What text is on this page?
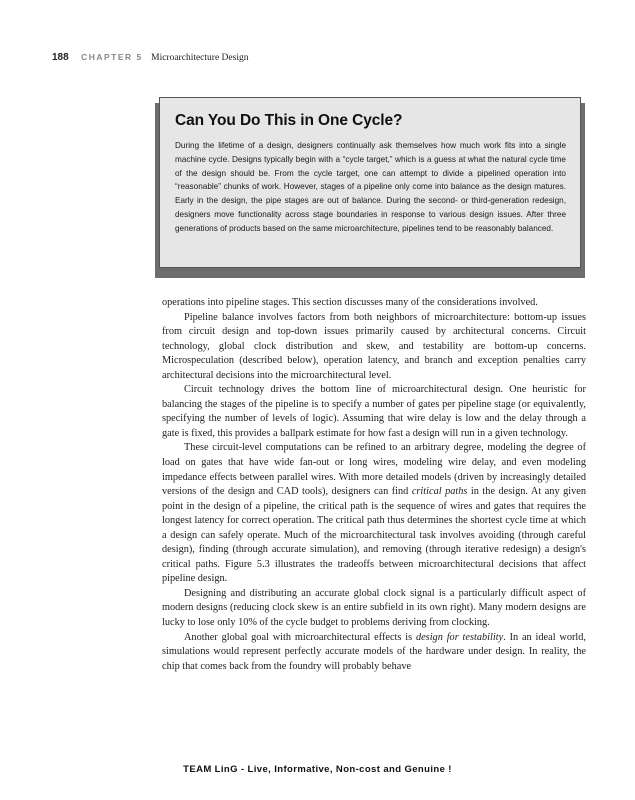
188 CHAPTER 5 Microarchitecture Design
Can You Do This in One Cycle?

During the lifetime of a design, designers continually ask themselves how much work fits into a single machine cycle. Designs typically begin with a “cycle target,” which is a guess at what the natural cycle time of the design should be. From the cycle target, one can attempt to divide a pipelined operation into “reasonable” chunks of work. However, stages of a pipeline only come into balance as the design matures. Early in the design, the pipe stages are out of balance. During the second- or third-generation redesign, designers move functionality across stage boundaries in response to various design issues. After three generations of products based on the same microarchitecture, pipelines tend to be reasonably balanced.

operations into pipeline stages. This section discusses many of the considerations involved.

Pipeline balance involves factors from both neighbors of microarchitecture: bottom-up issues from circuit design and top-down issues primarily caused by architectural concerns. Circuit technology, global clock distribution and skew, and testability are bottom-up concerns. Microspeculation (described below), operation latency, and branch and exception penalties carry architectural decisions into the microarchitectural level.

Circuit technology drives the bottom line of microarchitectural design. One heuristic for balancing the stages of the pipeline is to specify a number of gates per pipeline stage (or equivalently, specifying the number of levels of logic). Assuming that wire delay is low and the delay through a gate is fixed, this provides a ballpark estimate for how fast a design will run in a given technology.

These circuit-level computations can be refined to an arbitrary degree, modeling the degree of load on gates that have wide fan-out or long wires, modeling wire delay, and even modeling impedance effects between parallel wires. With more detailed models (driven by increasingly detailed versions of the design and CAD tools), designers can find critical paths in the design. At any given point in the design of a pipeline, the critical path is the sequence of wires and gates that requires the longest latency for correct operation. The critical path thus determines the shortest cycle time at which a design can safely operate. Much of the microarchitectural task involves avoiding (through careful design), finding (through accurate simulation), and removing (through iterative redesign) a design's critical paths. Figure 5.3 illustrates the tradeoffs between microarchitectural decisions that affect pipeline design.

Designing and distributing an accurate global clock signal is a particularly difficult aspect of modern designs (reducing clock skew is an entire subfield in its own right). Many modern designs are lucky to lose only 10% of the cycle budget to problems deriving from clocking.

Another global goal with microarchitectural effects is design for testability. In an ideal world, simulations would represent perfectly accurate models of the hardware under design. In reality, the chip that comes back from the foundry will probably behave

TEAM LinG - Live, Informative, Non-cost and Genuine !
